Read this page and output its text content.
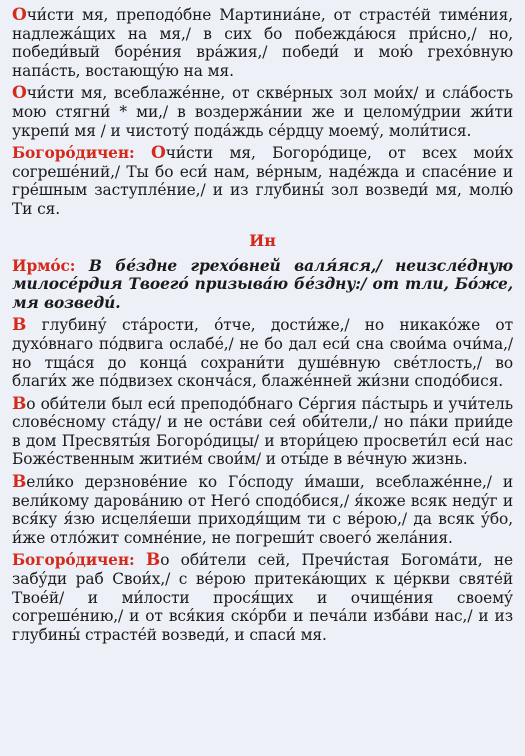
Очи́сти мя, преподо́бне Мартиниа́не, от страсте́й тиме́ния, надлежа́щих на мя,/ в сих бо побежда́юся при́сно,/ но, победи́вый боре́ния вра́жия,/ победи́ и мою́ грехо́вную напа́сть, востающу́ю на мя.

Очи́сти мя, всеблаже́нне, от скве́рных зол мои́х/ и сла́бость мою стягни́ * ми,/ в воздержа́нии же и целому́дрии жи́ти укрепи́ мя / и чистоту́ пода́ждь се́рдцу моему́, моли́тися.

Богоро́дичен: Очи́сти мя, Богоро́дице, от всех мои́х согреше́ний,/ Ты бо еси́ нам, ве́рным, наде́жда и спасе́ние и гре́шным заступле́ние,/ и из глубины́ зол возведи́ мя, молю́ Ти ся.

Ин

Ирмо́с: В бе́здне грехо́вней валя́яся,/ неизсле́дную милосе́рдия Твоего́ призыва́ю бе́здну:/ от тли, Бо́же, мя возведи́.

В глубину́ ста́рости, о́тче, дости́же,/ но никако́же от духо́внаго по́двига ослабе́,/ не бо дал еси́ сна свои́ма очи́ма,/ но тща́ся до конца́ сохрани́ти душе́вную све́тлость,/ во благи́х же по́двизех сконча́ся, блаже́нней жи́зни сподо́бися.

Во оби́тели был еси́ преподо́бнаго Се́ргия па́стырь и учи́тель слове́сному ста́ду/ и не оста́ви сея́ оби́тели,/ но па́ки прии́де в дом Пресвяты́я Богоро́дицы/ и втори́цею просвети́л еси́ нас Боже́ственным житие́м свои́м/ и оты́де в ве́чную жизнь.

Вели́ко дерзнове́ние ко Го́споду и́маши, всеблаже́нне,/ и вели́кому дарова́нию от Него́ сподо́бися,/ я́коже всяк неду́г и вся́ку я́зю исцеля́еши приходя́щим ти с ве́рою,/ да всяк у́бо, и́же отло́жит сомне́ние, не погреши́т своего́ жела́ния.

Богоро́дичен: Во оби́тели сей, Пречи́стая Богома́ти, не забу́ди раб Свои́х,/ с ве́рою притека́ющих к це́ркви святе́й Твое́й/ и ми́лости прося́щих и очище́ния своему́ согреше́нию,/ и от вся́кия ско́рби и печа́ли изба́ви нас,/ и из глубины́ страсте́й возведи́, и спаси́ мя.
